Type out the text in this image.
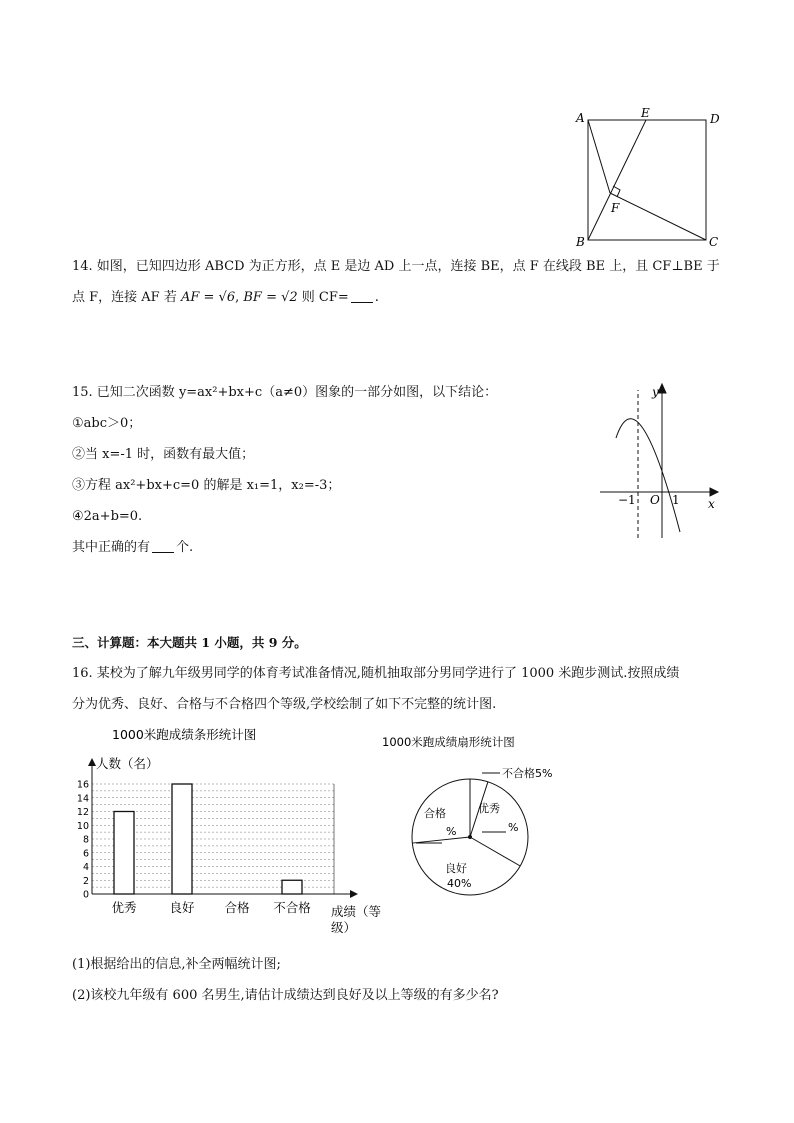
A	E	D
F
B	C
14. 如图，已知四边形 ABCD 为正方形，点 E 是边 AD 上一点，连接 BE，点 F 在线段 BE 上，且 CF⊥BE 于
点 F，连接 AF 若 AF = √6, BF = √2 则 CF= .
15. 已知二次函数 y=ax²+bx+c（a≠0）图象的一部分如图，以下结论：
①abc＞0；
②当 x=-1 时，函数有最大值；
③方程 ax²+bx+c=0 的解是 x₁=1，x₂=-3；
④2a+b=0.
其中正确的有 个.
y
x
O
−1	1
三、计算题：本大题共 1 小题，共 9 分。
16. 某校为了解九年级男同学的体育考试准备情况,随机抽取部分男同学进行了 1000 米跑步测试.按照成绩
分为优秀、良好、合格与不合格四个等级,学校绘制了如下不完整的统计图.
1000米跑成绩条形统计图
人数（名）
0
2
4
6
8
10
12
14
16
优秀	良好 合格 不合格 成绩（等
级）
1000米跑成绩扇形统计图
不合格5%
优秀
%
合格
%
良好
40%
(1)根据给出的信息,补全两幅统计图;
(2)该校九年级有 600 名男生,请估计成绩达到良好及以上等级的有多少名?
